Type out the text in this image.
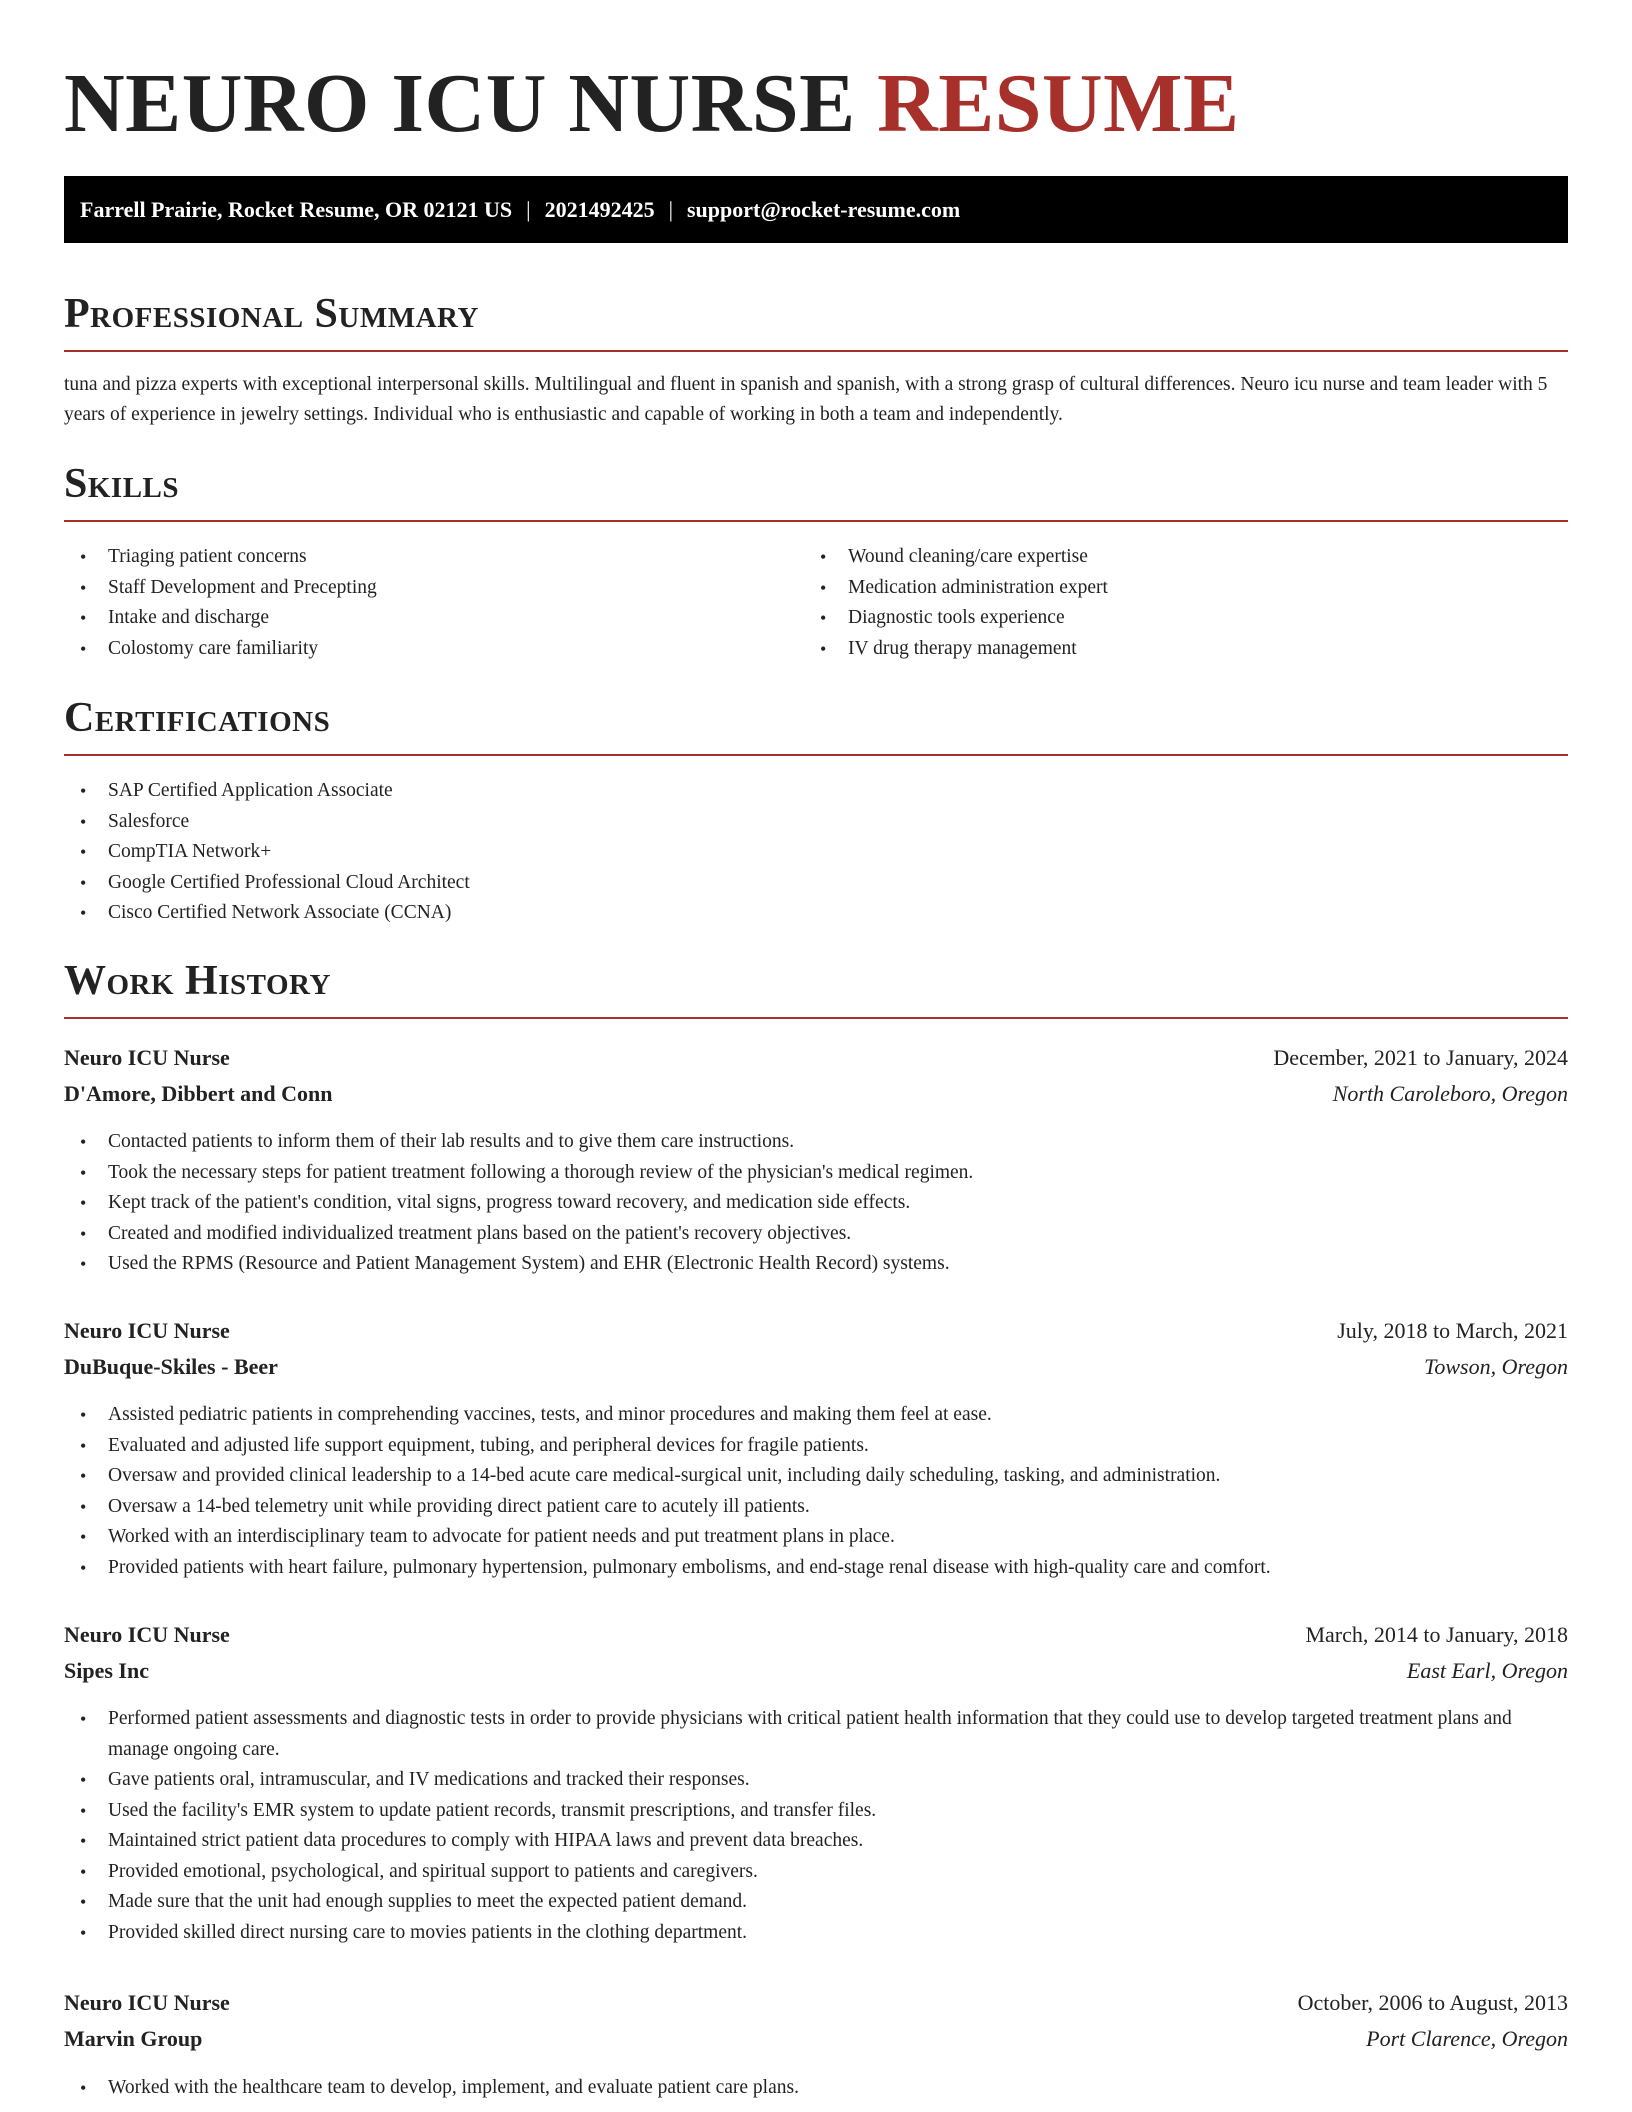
NEURO ICU NURSE RESUME
Farrell Prairie, Rocket Resume, OR 02121 US | 2021492425 | support@rocket-resume.com
Professional Summary

tuna and pizza experts with exceptional interpersonal skills. Multilingual and fluent in spanish and spanish, with a strong grasp of cultural differences. Neuro icu nurse and team leader with 5 years of experience in jewelry settings. Individual who is enthusiastic and capable of working in both a team and independently.

Skills
• Triaging patient concerns
• Staff Development and Precepting
• Intake and discharge
• Colostomy care familiarity
• Wound cleaning/care expertise
• Medication administration expert
• Diagnostic tools experience
• IV drug therapy management
Certifications
• SAP Certified Application Associate
• Salesforce
• CompTIA Network+
• Google Certified Professional Cloud Architect
• Cisco Certified Network Associate (CCNA)
Work History
Neuro ICU Nurse	December, 2021 to January, 2024
D'Amore, Dibbert and Conn	North Caroleboro, Oregon
• Contacted patients to inform them of their lab results and to give them care instructions.
• Took the necessary steps for patient treatment following a thorough review of the physician's medical regimen.
• Kept track of the patient's condition, vital signs, progress toward recovery, and medication side effects.
• Created and modified individualized treatment plans based on the patient's recovery objectives.
• Used the RPMS (Resource and Patient Management System) and EHR (Electronic Health Record) systems.
Neuro ICU Nurse	July, 2018 to March, 2021
DuBuque-Skiles - Beer	Towson, Oregon
• Assisted pediatric patients in comprehending vaccines, tests, and minor procedures and making them feel at ease.
• Evaluated and adjusted life support equipment, tubing, and peripheral devices for fragile patients.
• Oversaw and provided clinical leadership to a 14-bed acute care medical-surgical unit, including daily scheduling, tasking, and administration.
• Oversaw a 14-bed telemetry unit while providing direct patient care to acutely ill patients.
• Worked with an interdisciplinary team to advocate for patient needs and put treatment plans in place.
• Provided patients with heart failure, pulmonary hypertension, pulmonary embolisms, and end-stage renal disease with high-quality care and comfort.
Neuro ICU Nurse	March, 2014 to January, 2018
Sipes Inc	East Earl, Oregon
• Performed patient assessments and diagnostic tests in order to provide physicians with critical patient health information that they could use to develop targeted treatment plans and manage ongoing care.
• Gave patients oral, intramuscular, and IV medications and tracked their responses.
• Used the facility's EMR system to update patient records, transmit prescriptions, and transfer files.
• Maintained strict patient data procedures to comply with HIPAA laws and prevent data breaches.
• Provided emotional, psychological, and spiritual support to patients and caregivers.
• Made sure that the unit had enough supplies to meet the expected patient demand.
• Provided skilled direct nursing care to movies patients in the clothing department.
Neuro ICU Nurse	October, 2006 to August, 2013
Marvin Group	Port Clarence, Oregon
• Worked with the healthcare team to develop, implement, and evaluate patient care plans.
